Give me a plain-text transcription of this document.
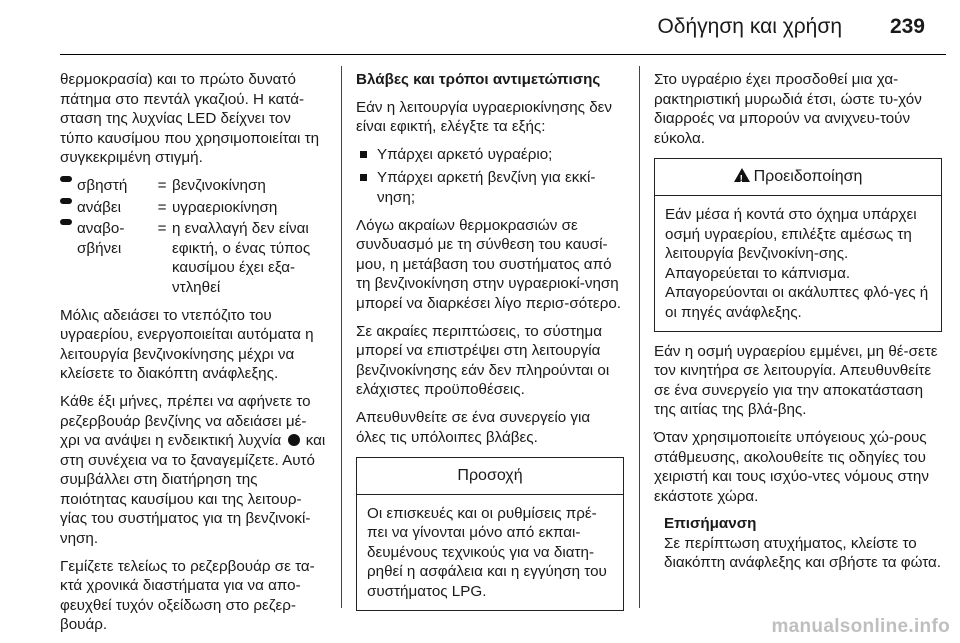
Οδήγηση και χρήση 239

θερμοκρασία) και το πρώτο δυνατό πάτημα στο πεντάλ γκαζιού. Η κατά-σταση της λυχνίας LED δείχνει τον τύπο καυσίμου που χρησιμοποιείται τη συγκεκριμένη στιγμή.

σβηστή	= βενζινοκίνηση
ανάβει	= υγραεριοκίνηση
αναβο-σβήνει
= η εναλλαγή δεν είναι εφικτή, ο ένας τύπος καυσίμου έχει εξα-ντληθεί

Μόλις αδειάσει το ντεπόζιτο του υγραερίου, ενεργοποιείται αυτόματα η λειτουργία βενζινοκίνησης μέχρι να κλείσετε το διακόπτη ανάφλεξης.

Κάθε έξι μήνες, πρέπει να αφήνετε το ρεζερβουάρ βενζίνης να αδειάσει μέ-χρι να ανάψει η ενδεικτική λυχνία και στη συνέχεια να το ξαναγεμίζετε. Αυτό συμβάλλει στη διατήρηση της ποιότητας καυσίμου και της λειτουρ-γίας του συστήματος για τη βενζινοκί-νηση.

Γεμίζετε τελείως το ρεζερβουάρ σε τα-κτά χρονικά διαστήματα για να απο-φευχθεί τυχόν οξείδωση στο ρεζερ-βουάρ.

Βλάβες και τρόποι αντιμετώπισης

Εάν η λειτουργία υγραεριοκίνησης δεν είναι εφικτή, ελέγξτε τα εξής:

Υπάρχει αρκετό υγραέριο;
Υπάρχει αρκετή βενζίνη για εκκί-νηση;

Λόγω ακραίων θερμοκρασιών σε συνδυασμό με τη σύνθεση του καυσί-μου, η μετάβαση του συστήματος από τη βενζινοκίνηση στην υγραεριοκί-νηση μπορεί να διαρκέσει λίγο περισ-σότερο.

Σε ακραίες περιπτώσεις, το σύστημα μπορεί να επιστρέψει στη λειτουργία βενζινοκίνησης εάν δεν πληρούνται οι ελάχιστες προϋποθέσεις.

Απευθυνθείτε σε ένα συνεργείο για όλες τις υπόλοιπες βλάβες.

Προσοχή
Οι επισκευές και οι ρυθμίσεις πρέ-πει να γίνονται μόνο από εκπαι-δευμένους τεχνικούς για να διατη-ρηθεί η ασφάλεια και η εγγύηση του συστήματος LPG.

Στο υγραέριο έχει προσδοθεί μια χα-ρακτηριστική μυρωδιά έτσι, ώστε τυ-χόν διαρροές να μπορούν να ανιχνευ-τούν εύκολα.

!Προειδοποίηση
Εάν μέσα ή κοντά στο όχημα υπάρχει οσμή υγραερίου, επιλέξτε αμέσως τη λειτουργία βενζινοκίνη-σης. Απαγορεύεται το κάπνισμα. Απαγορεύονται οι ακάλυπτες φλό-γες ή οι πηγές ανάφλεξης.

Εάν η οσμή υγραερίου εμμένει, μη θέ-σετε τον κινητήρα σε λειτουργία. Απευθυνθείτε σε ένα συνεργείο για την αποκατάσταση της αιτίας της βλά-βης.

Όταν χρησιμοποιείτε υπόγειους χώ-ρους στάθμευσης, ακολουθείτε τις οδηγίες του χειριστή και τους ισχύο-ντες νόμους στην εκάστοτε χώρα.

Επισήμανση
Σε περίπτωση ατυχήματος, κλείστε το διακόπτη ανάφλεξης και σβήστε τα φώτα.
manualsonline.info
